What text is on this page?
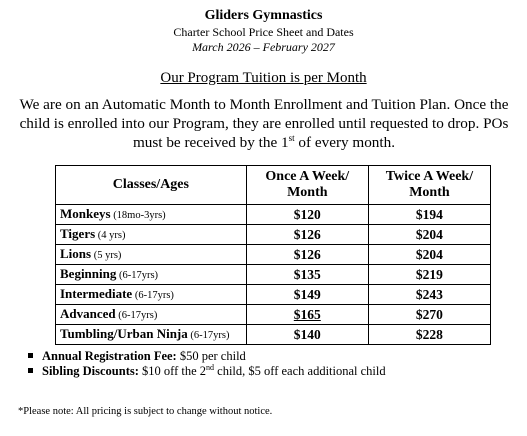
Gliders Gymnastics
Charter School Price Sheet and Dates
March 2026 – February 2027
Our Program Tuition is per Month
We are on an Automatic Month to Month Enrollment and Tuition Plan. Once the
child is enrolled into our Program, they are enrolled until requested to drop. POs
must be received by the 1st of every month.
Classes/Ages	Once A Week/ Month	Twice A Week/ Month
Monkeys (18mo-3yrs)	$120	$194
Tigers (4 yrs)	$126	$204
Lions (5 yrs)	$126	$204
Beginning (6-17yrs)	$135	$219
Intermediate (6-17yrs)	$149	$243
Advanced (6-17yrs)	$165	$270
Tumbling/Urban Ninja (6-17yrs)	$140	$228
Annual Registration Fee: $50 per child
Sibling Discounts: $10 off the 2nd child, $5 off each additional child
*Please note: All pricing is subject to change without notice.
